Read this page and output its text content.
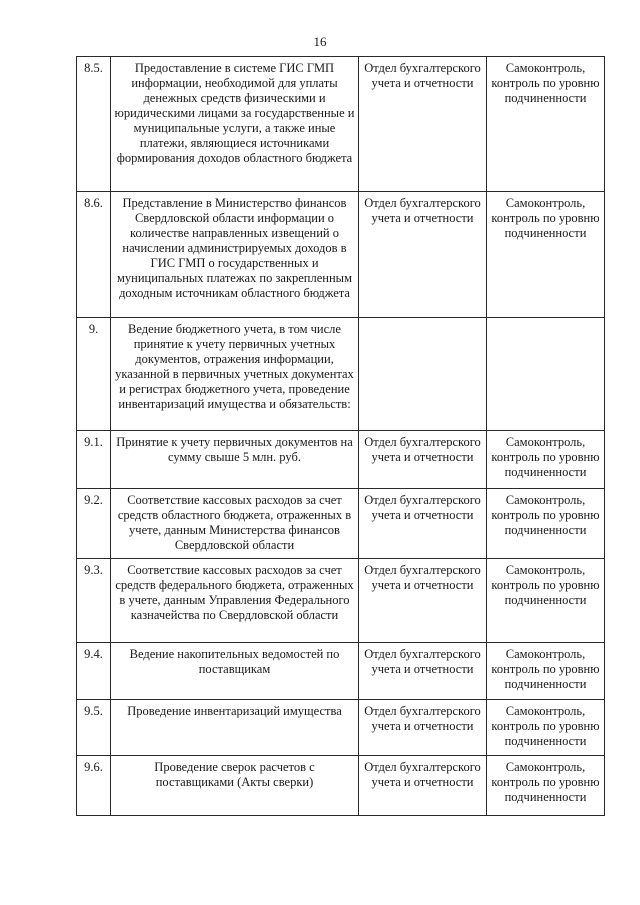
16
8.5.	Предоставление в системе ГИС ГМП информации, необходимой для уплаты денежных средств физическими и юридическими лицами за государственные и муниципальные услуги, а также иные платежи, являющиеся источниками формирования доходов областного бюджета	Отдел бухгалтерского учета и отчетности	Самоконтроль, контроль по уровню подчиненности
8.6.	Представление в Министерство финансов Свердловской области информации о количестве направленных извещений о начислении администрируемых доходов в ГИС ГМП о государственных и муниципальных платежах по закрепленным доходным источникам областного бюджета	Отдел бухгалтерского учета и отчетности	Самоконтроль, контроль по уровню подчиненности
9.	Ведение бюджетного учета, в том числе принятие к учету первичных учетных документов, отражения информации, указанной в первичных учетных документах и регистрах бюджетного учета, проведение инвентаризаций имущества и обязательств:		
9.1.	Принятие к учету первичных документов на сумму свыше 5 млн. руб.	Отдел бухгалтерского учета и отчетности	Самоконтроль, контроль по уровню подчиненности
9.2.	Соответствие кассовых расходов за счет средств областного бюджета, отраженных в учете, данным Министерства финансов Свердловской области	Отдел бухгалтерского учета и отчетности	Самоконтроль, контроль по уровню подчиненности
9.3.	Соответствие кассовых расходов за счет средств федерального бюджета, отраженных в учете, данным Управления Федерального казначейства по Свердловской области	Отдел бухгалтерского учета и отчетности	Самоконтроль, контроль по уровню подчиненности
9.4.	Ведение накопительных ведомостей по поставщикам	Отдел бухгалтерского учета и отчетности	Самоконтроль, контроль по уровню подчиненности
9.5.	Проведение инвентаризаций имущества	Отдел бухгалтерского учета и отчетности	Самоконтроль, контроль по уровню подчиненности
9.6.	Проведение сверок расчетов с поставщиками (Акты сверки)	Отдел бухгалтерского учета и отчетности	Самоконтроль, контроль по уровню подчиненности
